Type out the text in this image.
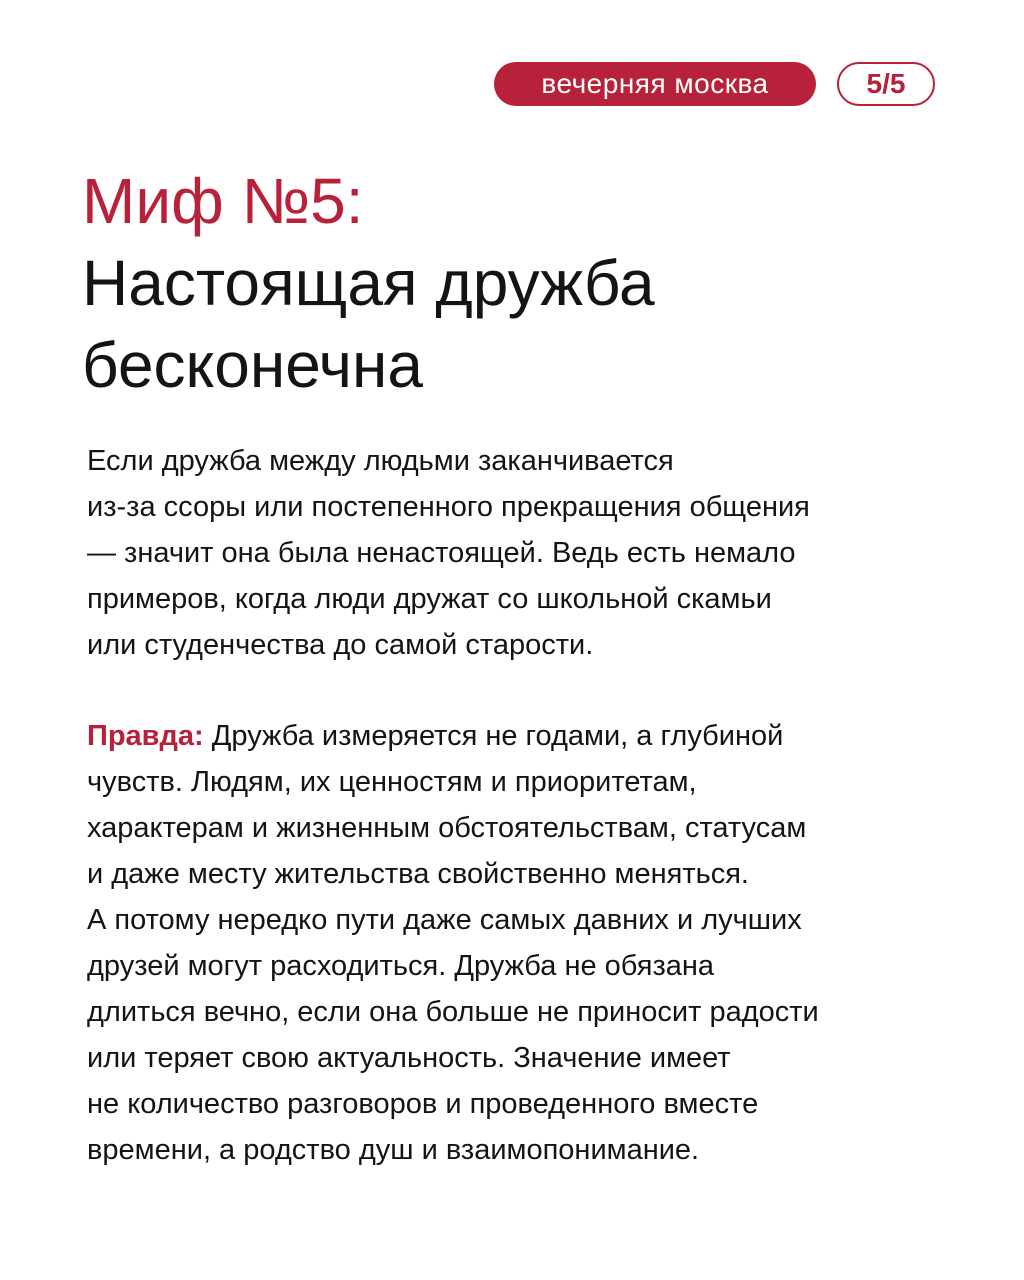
вечерняя москва	5/5
Миф №5:
Настоящая дружба
бесконечна
Если дружба между людьми заканчивается
из-за ссоры или постепенного прекращения общения
— значит она была ненастоящей. Ведь есть немало
примеров, когда люди дружат со школьной скамьи
или студенчества до самой старости.
Правда: Дружба измеряется не годами, а глубиной
чувств. Людям, их ценностям и приоритетам,
характерам и жизненным обстоятельствам, статусам
и даже месту жительства свойственно меняться.
А потому нередко пути даже самых давних и лучших
друзей могут расходиться. Дружба не обязана
длиться вечно, если она больше не приносит радости
или теряет свою актуальность. Значение имеет
не количество разговоров и проведенного вместе
времени, а родство душ и взаимопонимание.
